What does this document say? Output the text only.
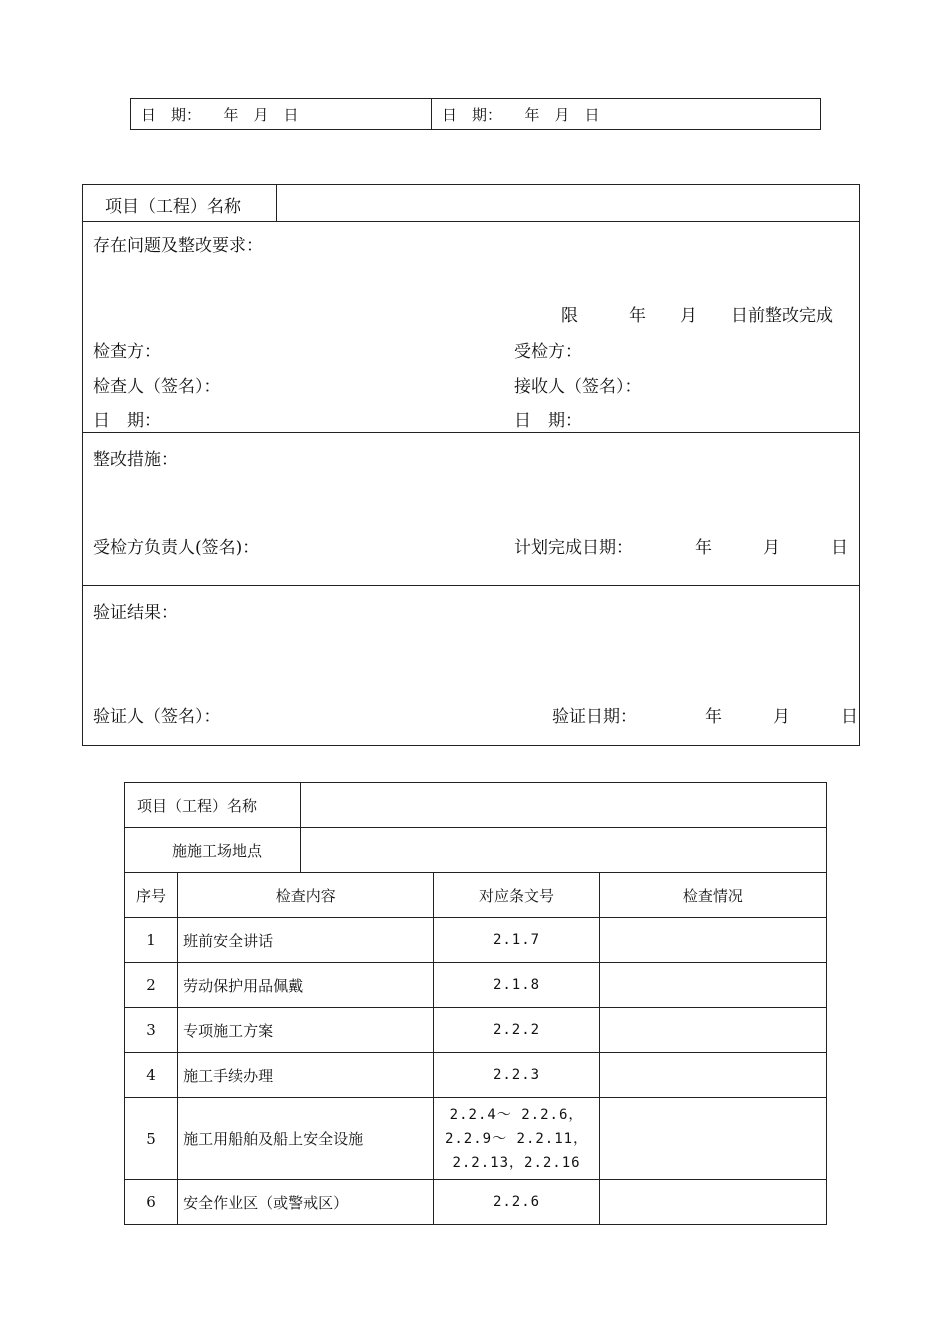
日　期：　　年　月　日	日　期：　　年　月　日
项目（工程）名称
存在问题及整改要求：
限　　　年　　月　　日前整改完成
检查方：	受检方：
检查人（签名）：	接收人（签名）：
日　期：	日　期：
整改措施：
受检方负责人(签名)：	计划完成日期：	年　　　月　　　日
验证结果：
验证人（签名）：	验证日期：	年　　　月　　　日
项目（工程）名称				
施施工场地点				
序号	检查内容		对应条文号	检查情况
1	班前安全讲话		2.1.7	
2	劳动保护用品佩戴		2.1.8	
3	专项施工方案		2.2.2	
4	施工手续办理		2.2.3	
5	施工用船舶及船上安全设施		2.2.4～ 2.2.6，
2.2.9～ 2.2.11，
2.2.13，2.2.16	
6	安全作业区（或警戒区）		2.2.6	
